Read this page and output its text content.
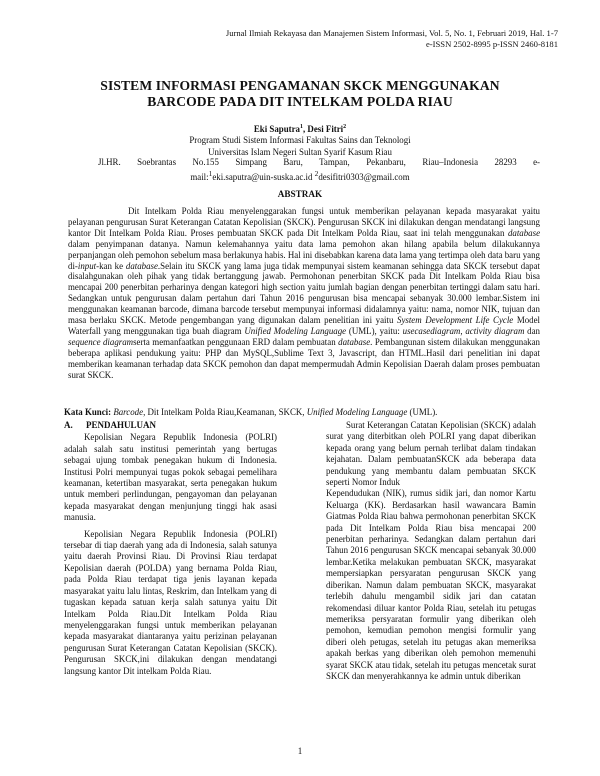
Jurnal Ilmiah Rekayasa dan Manajemen Sistem Informasi, Vol. 5, No. 1, Februari 2019, Hal. 1-7
e-ISSN 2502-8995 p-ISSN 2460-8181
SISTEM INFORMASI PENGAMANAN SKCK MENGGUNAKAN
BARCODE PADA DIT INTELKAM POLDA RIAU
Eki Saputra$^1$, Desi Fitri$^2$
Program Studi Sistem Informasi Fakultas Sains dan Teknologi
Universitas Islam Negeri Sultan Syarif Kasum Riau
Jl.HR. Soebrantas No.155 Simpang Baru, Tampan, Pekanbaru, Riau–Indonesia 28293 e-
mail:$^1$eki.saputra@uin-suska.ac.id $^2$desifitri0303@gmail.com
ABSTRAK

Dit Intelkam Polda Riau menyelenggarakan fungsi untuk memberikan pelayanan kepada masyarakat yaitu pelayanan pengurusan Surat Keterangan Catatan Kepolisian (SKCK). Pengurusan SKCK ini dilakukan dengan mendatangi langsung kantor Dit Intelkam Polda Riau. Proses pembuatan SKCK pada Dit Intelkam Polda Riau, saat ini telah menggunakan database dalam penyimpanan datanya. Namun kelemahannya yaitu data lama pemohon akan hilang apabila belum dilakukannya perpanjangan oleh pemohon sebelum masa berlakunya habis. Hal ini disebabkan karena data lama yang tertimpa oleh data baru yang di-input-kan ke database.Selain itu SKCK yang lama juga tidak mempunyai sistem keamanan sehingga data SKCK tersebut dapat disalahgunakan oleh pihak yang tidak bertanggung jawab. Permohonan penerbitan SKCK pada Dit Intelkam Polda Riau bisa mencapai 200 penerbitan perharinya dengan kategori high section yaitu jumlah bagian dengan penerbitan tertinggi dalam satu hari. Sedangkan untuk pengurusan dalam pertahun dari Tahun 2016 pengurusan bisa mencapai sebanyak 30.000 lembar.Sistem ini menggunakan keamanan barcode, dimana barcode tersebut mempunyai informasi didalamnya yaitu: nama, nomor NIK, tujuan dan masa berlaku SKCK. Metode pengembangan yang digunakan dalam penelitian ini yaitu System Development Life Cycle Model Waterfall yang menggunakan tiga buah diagram Unified Modeling Language (UML), yaitu: usecasediagram, activity diagram dan sequence diagramserta memanfaatkan penggunaan ERD dalam pembuatan database. Pembangunan sistem dilakukan menggunakan beberapa aplikasi pendukung yaitu: PHP dan MySQL,Sublime Text 3, Javascript, dan HTML.Hasil dari penelitian ini dapat memberikan keamanan terhadap data SKCK pemohon dan dapat mempermudah Admin Kepolisian Daerah dalam proses pembuatan surat SKCK.

Kata Kunci: Barcode, Dit Intelkam Polda Riau,Keamanan, SKCK, Unified Modeling Language (UML).
A. PENDAHULUAN

Kepolisian Negara Republik Indonesia (POLRI) adalah salah satu institusi pemerintah yang bertugas sebagai ujung tombak penegakan hukum di Indonesia. Institusi Polri mempunyai tugas pokok sebagai pemelihara keamanan, ketertiban masyarakat, serta penegakan hukum untuk memberi perlindungan, pengayoman dan pelayanan kepada masyarakat dengan menjunjung tinggi hak asasi manusia.

Kepolisian Negara Republik Indonesia (POLRI) tersebar di tiap daerah yang ada di Indonesia, salah satunya yaitu daerah Provinsi Riau. Di Provinsi Riau terdapat Kepolisian daerah (POLDA) yang bernama Polda Riau, pada Polda Riau terdapat tiga jenis layanan kepada masyarakat yaitu lalu lintas, Reskrim, dan Intelkam yang di tugaskan kepada satuan kerja salah satunya yaitu Dit Intelkam Polda Riau.Dit Intelkam Polda Riau menyelenggarakan fungsi untuk memberikan pelayanan kepada masyarakat diantaranya yaitu perizinan pelayanan pengurusan Surat Keterangan Catatan Kepolisian (SKCK). Pengurusan SKCK,ini dilakukan dengan mendatangi langsung kantor Dit intelkam Polda Riau.

Surat Keterangan Catatan Kepolisian (SKCK) adalah surat yang diterbitkan oleh POLRI yang dapat diberikan kepada orang yang belum pernah terlibat dalam tindakan kejahatan. Dalam pembuatanSKCK ada beberapa data pendukung yang membantu dalam pembuatan SKCK seperti Nomor Induk

Kependudukan (NIK), rumus sidik jari, dan nomor Kartu Keluarga (KK). Berdasarkan hasil wawancara Bamin Giatmas Polda Riau bahwa permohonan penerbitan SKCK pada Dit Intelkam Polda Riau bisa mencapai 200 penerbitan perharinya. Sedangkan dalam pertahun dari Tahun 2016 pengurusan SKCK mencapai sebanyak 30.000 lembar.Ketika melakukan pembuatan SKCK, masyarakat mempersiapkan persyaratan pengurusan SKCK yang diberikan. Namun dalam pembuatan SKCK, masyarakat terlebih dahulu mengambil sidik jari dan catatan rekomendasi diluar kantor Polda Riau, setelah itu petugas memeriksa persyaratan formulir yang diberikan oleh pemohon, kemudian pemohon mengisi formulir yang diberi oleh petugas, setelah itu petugas akan memeriksa apakah berkas yang diberikan oleh pemohon memenuhi syarat SKCK atau tidak, setelah itu petugas mencetak surat SKCK dan menyerahkannya ke admin untuk diberikan

1
